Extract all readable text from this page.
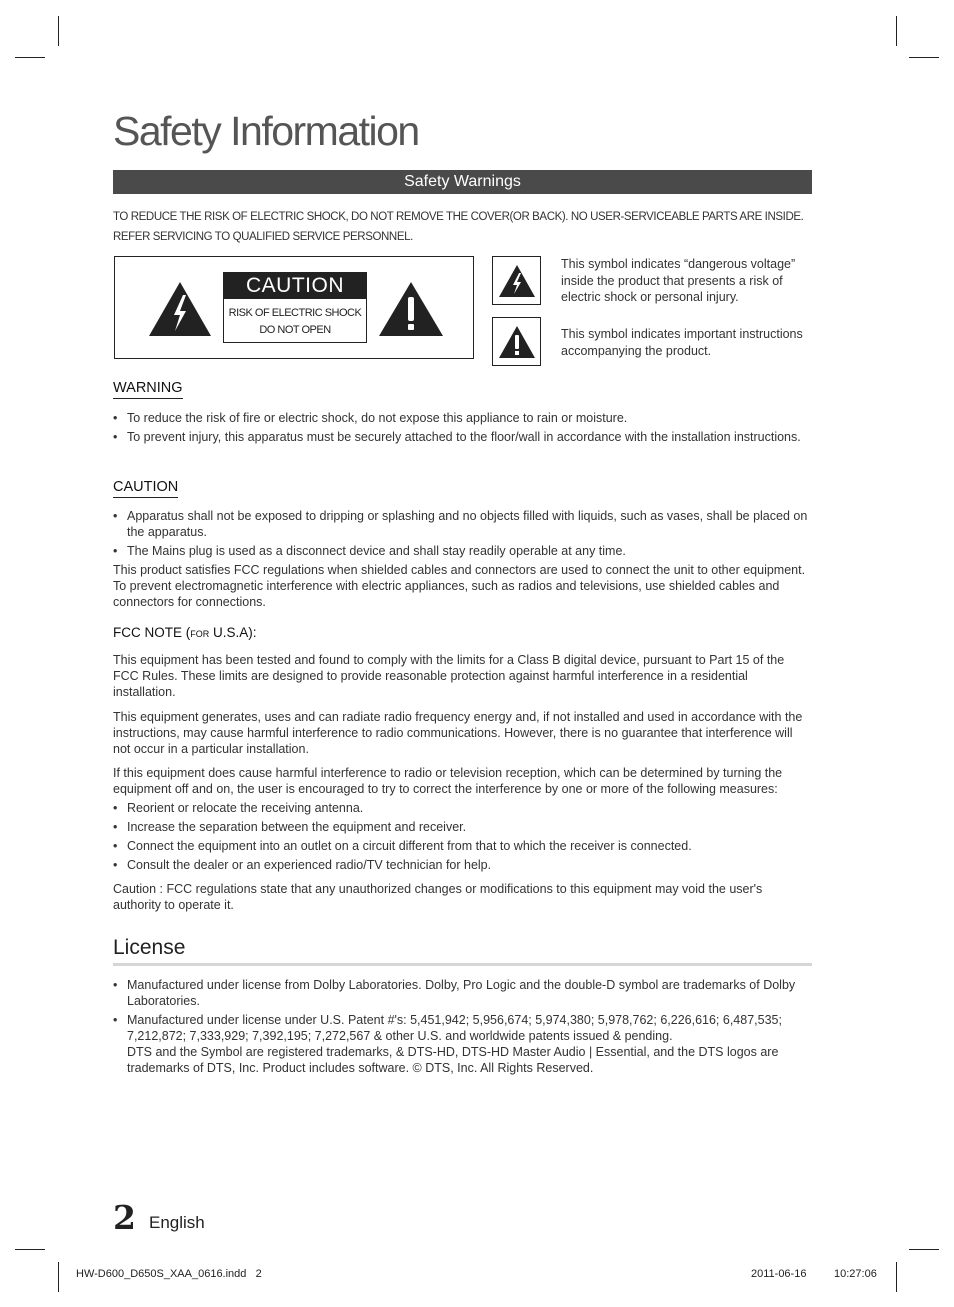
Safety Information
Safety Warnings
TO REDUCE THE RISK OF ELECTRIC SHOCK, DO NOT REMOVE THE COVER(OR BACK). NO USER-SERVICEABLE PARTS ARE INSIDE.
REFER SERVICING TO QUALIFIED SERVICE PERSONNEL.
CAUTION
RISK OF ELECTRIC SHOCK
DO NOT OPEN
This symbol indicates “dangerous voltage” inside the product that presents a risk of electric shock or personal injury.
This symbol indicates important instructions accompanying the product.
WARNING
• To reduce the risk of fire or electric shock, do not expose this appliance to rain or moisture.
• To prevent injury, this apparatus must be securely attached to the floor/wall in accordance with the installation instructions.
CAUTION
• Apparatus shall not be exposed to dripping or splashing and no objects filled with liquids, such as vases, shall be placed on the apparatus.
• The Mains plug is used as a disconnect device and shall stay readily operable at any time.
This product satisfies FCC regulations when shielded cables and connectors are used to connect the unit to other equipment. To prevent electromagnetic interference with electric appliances, such as radios and televisions, use shielded cables and connectors for connections.
FCC NOTE (for U.S.A):
This equipment has been tested and found to comply with the limits for a Class B digital device, pursuant to Part 15 of the FCC Rules. These limits are designed to provide reasonable protection against harmful interference in a residential installation.
This equipment generates, uses and can radiate radio frequency energy and, if not installed and used in accordance with the instructions, may cause harmful interference to radio communications. However, there is no guarantee that interference will not occur in a particular installation.
If this equipment does cause harmful interference to radio or television reception, which can be determined by turning the equipment off and on, the user is encouraged to try to correct the interference by one or more of the following measures:
• Reorient or relocate the receiving antenna.
• Increase the separation between the equipment and receiver.
• Connect the equipment into an outlet on a circuit different from that to which the receiver is connected.
• Consult the dealer or an experienced radio/TV technician for help.
Caution : FCC regulations state that any unauthorized changes or modifications to this equipment may void the user's authority to operate it.
License
• Manufactured under license from Dolby Laboratories. Dolby, Pro Logic and the double-D symbol are trademarks of Dolby Laboratories.
• Manufactured under license under U.S. Patent #'s: 5,451,942; 5,956,674; 5,974,380; 5,978,762; 6,226,616; 6,487,535; 7,212,872; 7,333,929; 7,392,195; 7,272,567 & other U.S. and worldwide patents issued & pending.
DTS and the Symbol are registered trademarks, & DTS-HD, DTS-HD Master Audio | Essential, and the DTS logos are trademarks of DTS, Inc. Product includes software. © DTS, Inc. All Rights Reserved.
2 English
HW-D600_D650S_XAA_0616.indd   2	2011-06-16	10:27:06
